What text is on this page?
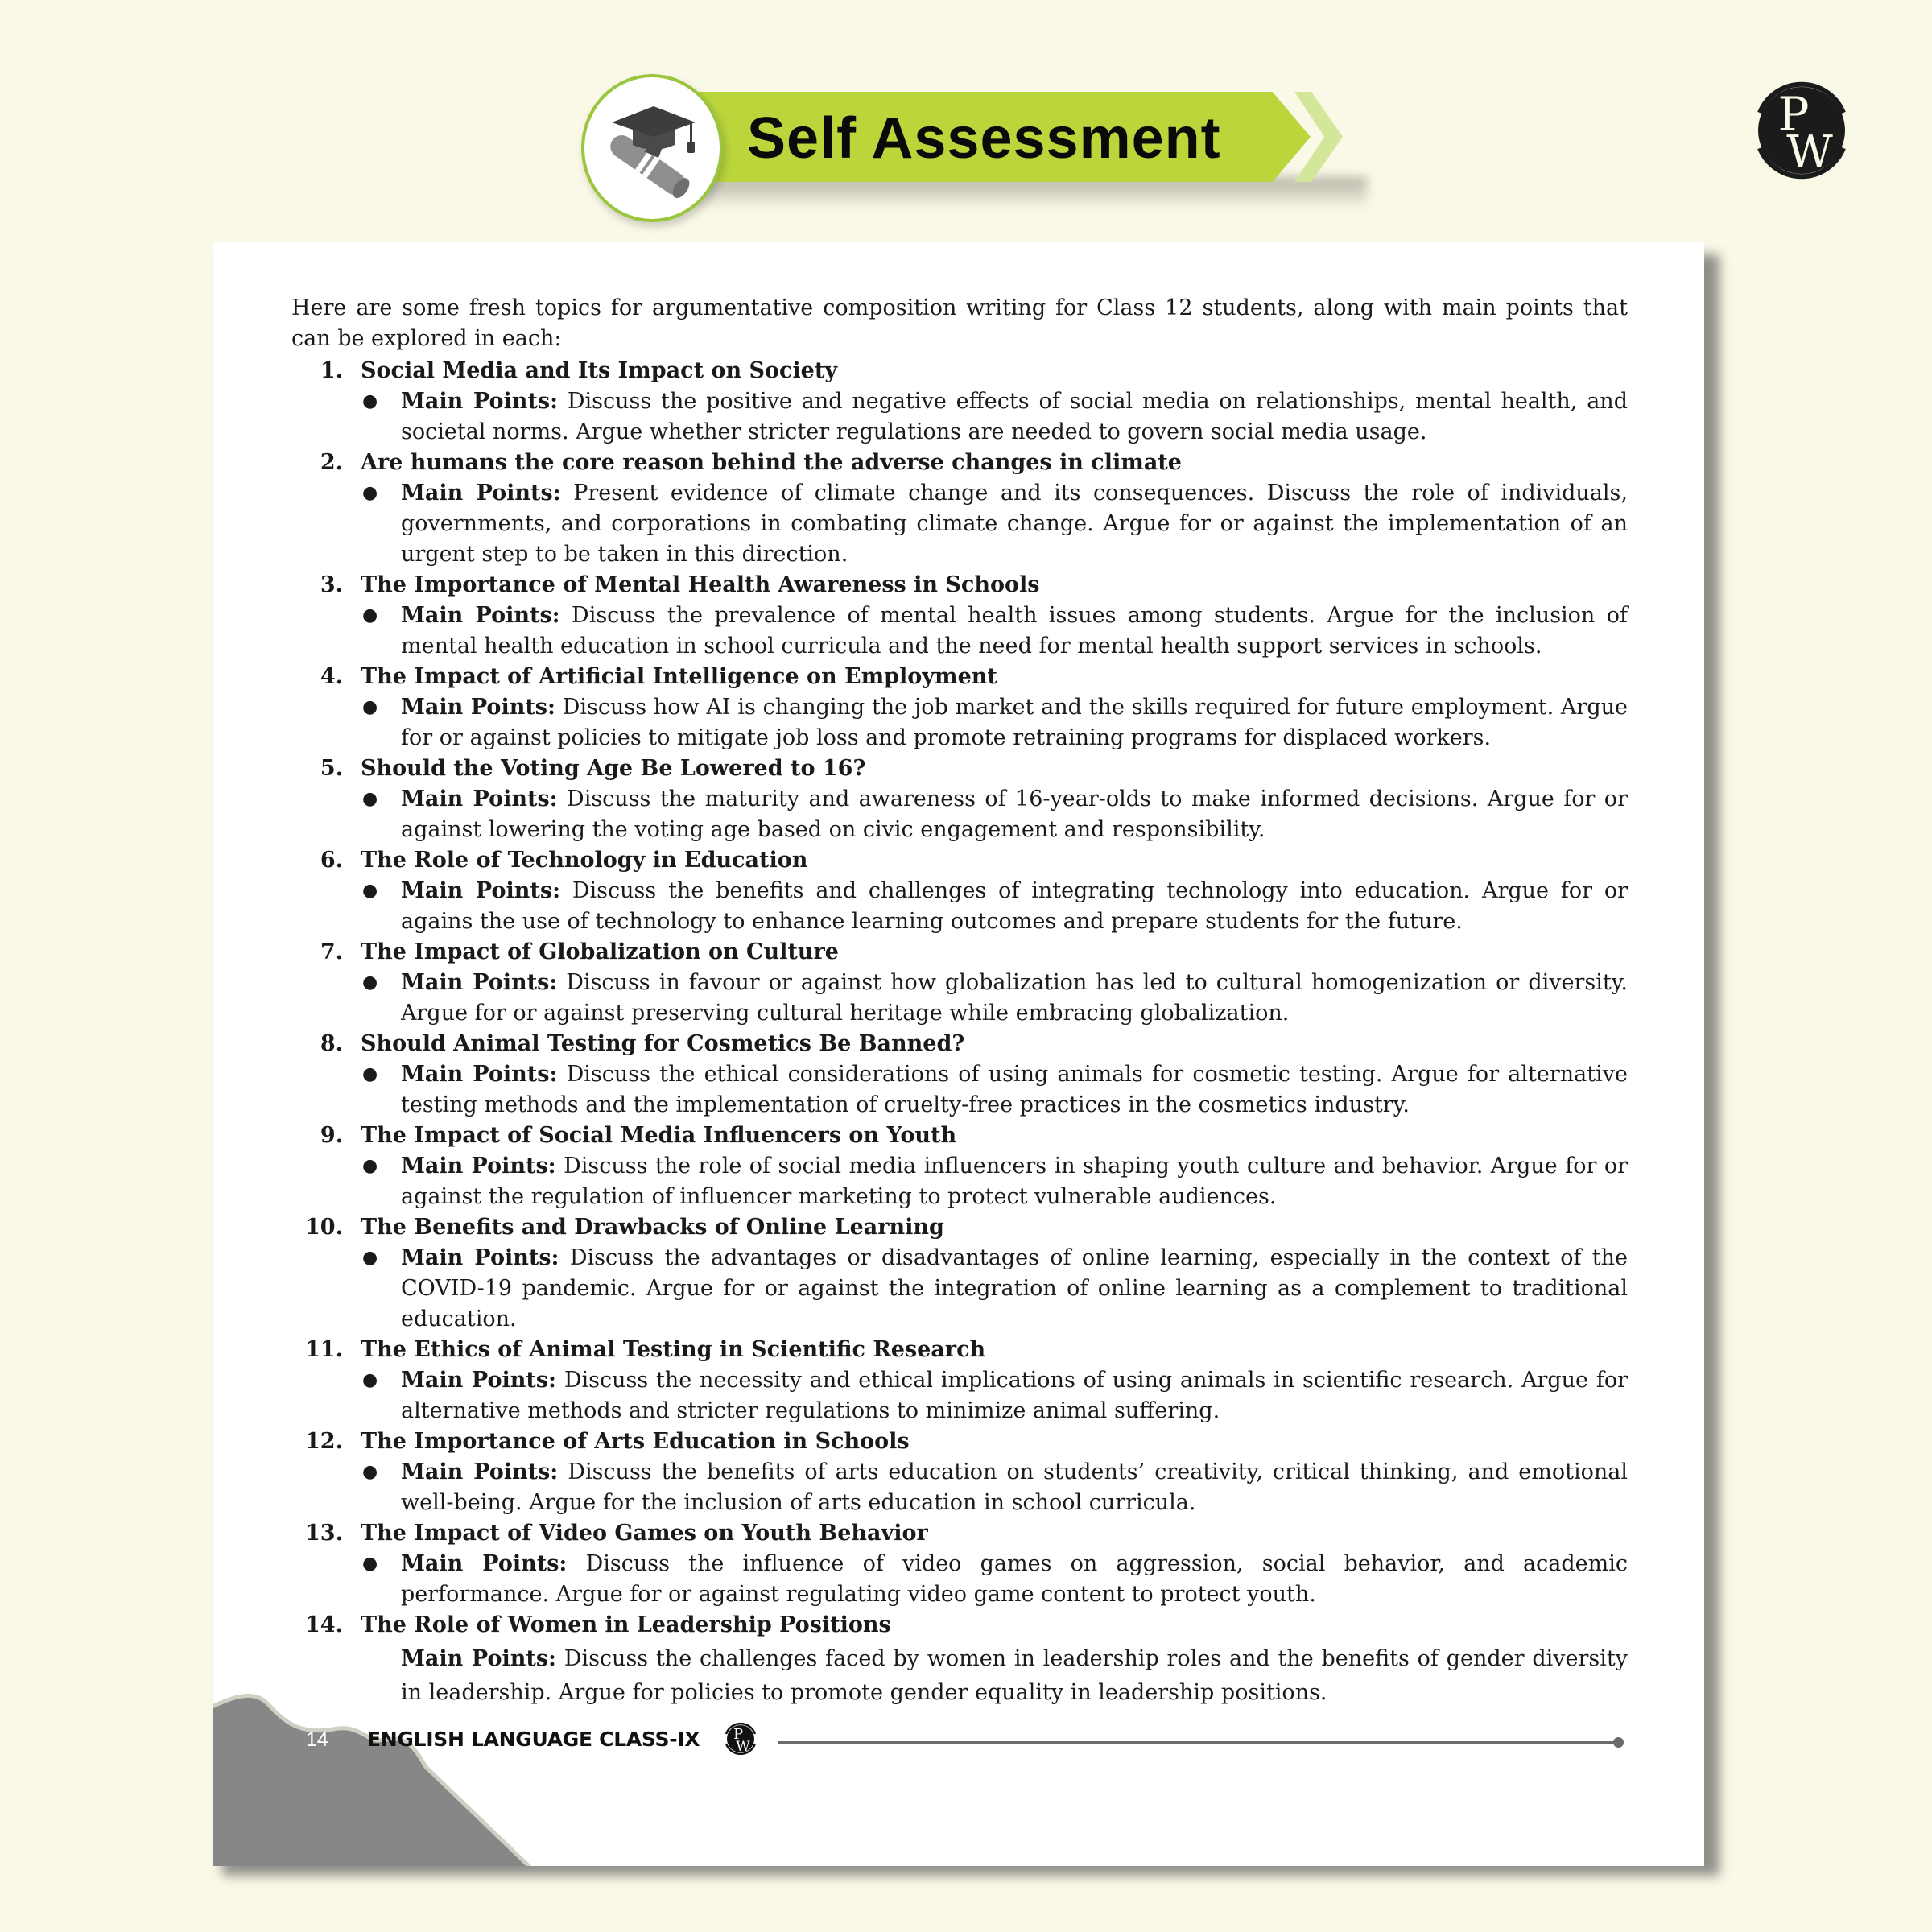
Self Assessment	P
W

Here are some fresh topics for argumentative composition writing for Class 12 students, along with main points that can be explored in each:

1. Social Media and Its Impact on Society
● Main Points: Discuss the positive and negative effects of social media on relationships, mental health, and societal norms. Argue whether stricter regulations are needed to govern social media usage.
2. Are humans the core reason behind the adverse changes in climate
● Main Points: Present evidence of climate change and its consequences. Discuss the role of individuals, governments, and corporations in combating climate change. Argue for or against the implementation of an urgent step to be taken in this direction.
3. The Importance of Mental Health Awareness in Schools
● Main Points: Discuss the prevalence of mental health issues among students. Argue for the inclusion of mental health education in school curricula and the need for mental health support services in schools.
4. The Impact of Artificial Intelligence on Employment
● Main Points: Discuss how AI is changing the job market and the skills required for future employment. Argue for or against policies to mitigate job loss and promote retraining programs for displaced workers.
5. Should the Voting Age Be Lowered to 16?
● Main Points: Discuss the maturity and awareness of 16-year-olds to make informed decisions. Argue for or against lowering the voting age based on civic engagement and responsibility.
6. The Role of Technology in Education
● Main Points: Discuss the benefits and challenges of integrating technology into education. Argue for or agains the use of technology to enhance learning outcomes and prepare students for the future.
7. The Impact of Globalization on Culture
● Main Points: Discuss in favour or against how globalization has led to cultural homogenization or diversity. Argue for or against preserving cultural heritage while embracing globalization.
8. Should Animal Testing for Cosmetics Be Banned?
● Main Points: Discuss the ethical considerations of using animals for cosmetic testing. Argue for alternative testing methods and the implementation of cruelty-free practices in the cosmetics industry.
9. The Impact of Social Media Influencers on Youth
● Main Points: Discuss the role of social media influencers in shaping youth culture and behavior. Argue for or against the regulation of influencer marketing to protect vulnerable audiences.
10. The Benefits and Drawbacks of Online Learning
● Main Points: Discuss the advantages or disadvantages of online learning, especially in the context of the COVID-19 pandemic. Argue for or against the integration of online learning as a complement to traditional education.
11. The Ethics of Animal Testing in Scientific Research
● Main Points: Discuss the necessity and ethical implications of using animals in scientific research. Argue for alternative methods and stricter regulations to minimize animal suffering.
12. The Importance of Arts Education in Schools
● Main Points: Discuss the benefits of arts education on students’ creativity, critical thinking, and emotional well-being. Argue for the inclusion of arts education in school curricula.
13. The Impact of Video Games on Youth Behavior
● Main Points: Discuss the influence of video games on aggression, social behavior, and academic performance. Argue for or against regulating video game content to protect youth.
14. The Role of Women in Leadership Positions
Main Points: Discuss the challenges faced by women in leadership roles and the benefits of gender diversity in leadership. Argue for policies to promote gender equality in leadership positions.
14 ENGLISH LANGUAGE CLASS-IX P
W
